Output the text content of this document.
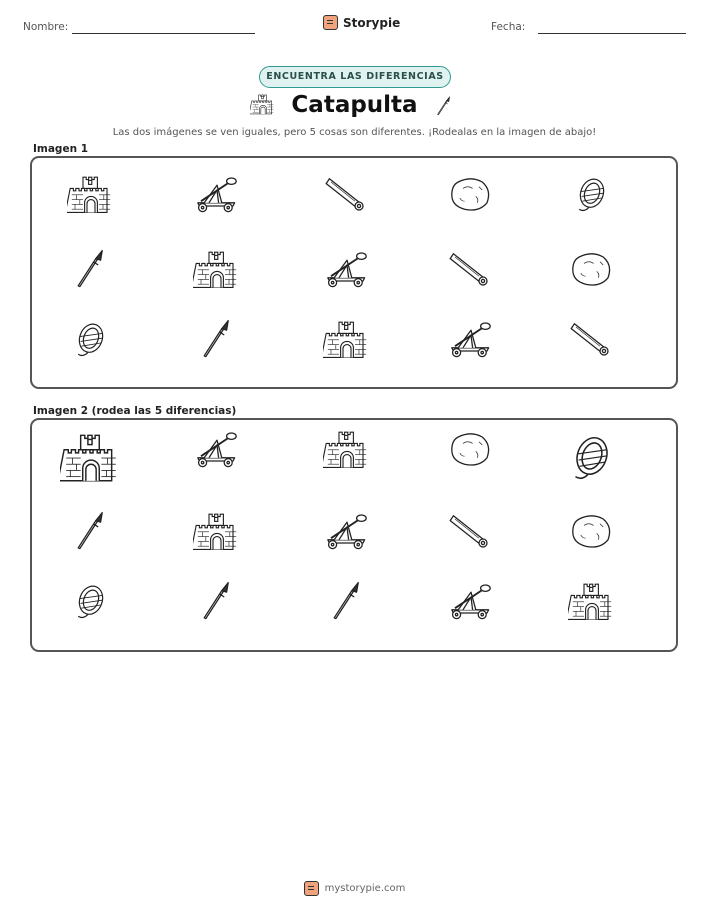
Nombre:	Storypie	Fecha:
ENCUENTRA LAS DIFERENCIAS
Catapulta
Las dos imágenes se ven iguales, pero 5 cosas son diferentes. ¡Rodealas en la imagen de abajo!
Imagen 1
Imagen 2 (rodea las 5 diferencias)
mystorypie.com
